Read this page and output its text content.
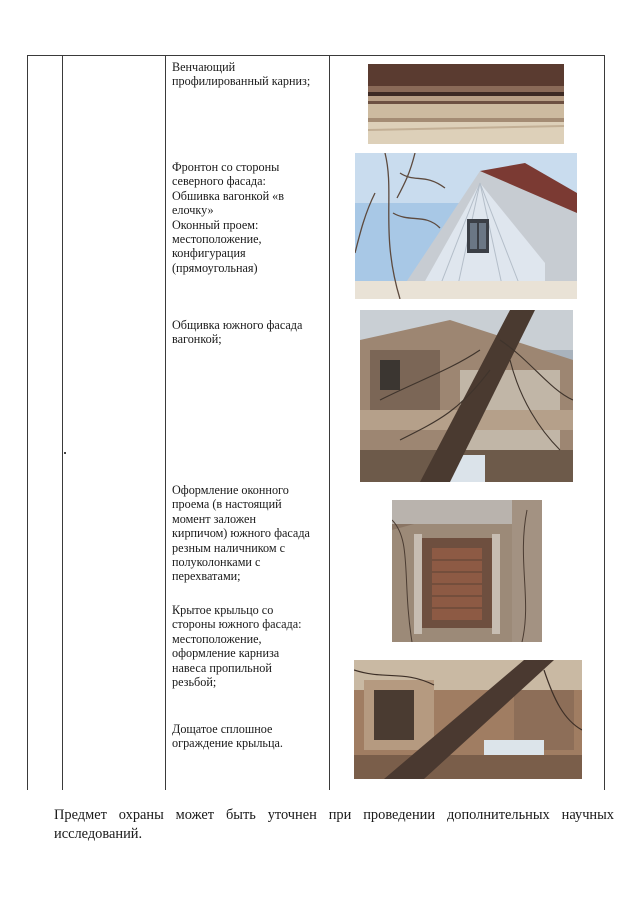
Венчающий

профилированный карниз;

Фронтон со стороны

северного фасада:

Обшивка вагонкой «в

елочку»

Оконный проем:

местоположение,

конфигурация

(прямоугольная)

Общивка южного фасада

вагонкой;

Оформление оконного

проема (в настоящий

момент заложен

кирпичом) южного фасада

резным наличником с

полуколонками с

перехватами;

Крытое крыльцо со

стороны южного фасада:

местоположение,

оформление карниза

навеса пропильной

резьбой;

Дощатое сплошное

ограждение крыльца.

Предмет охраны может быть уточнен при проведении дополнительных научных исследований.
